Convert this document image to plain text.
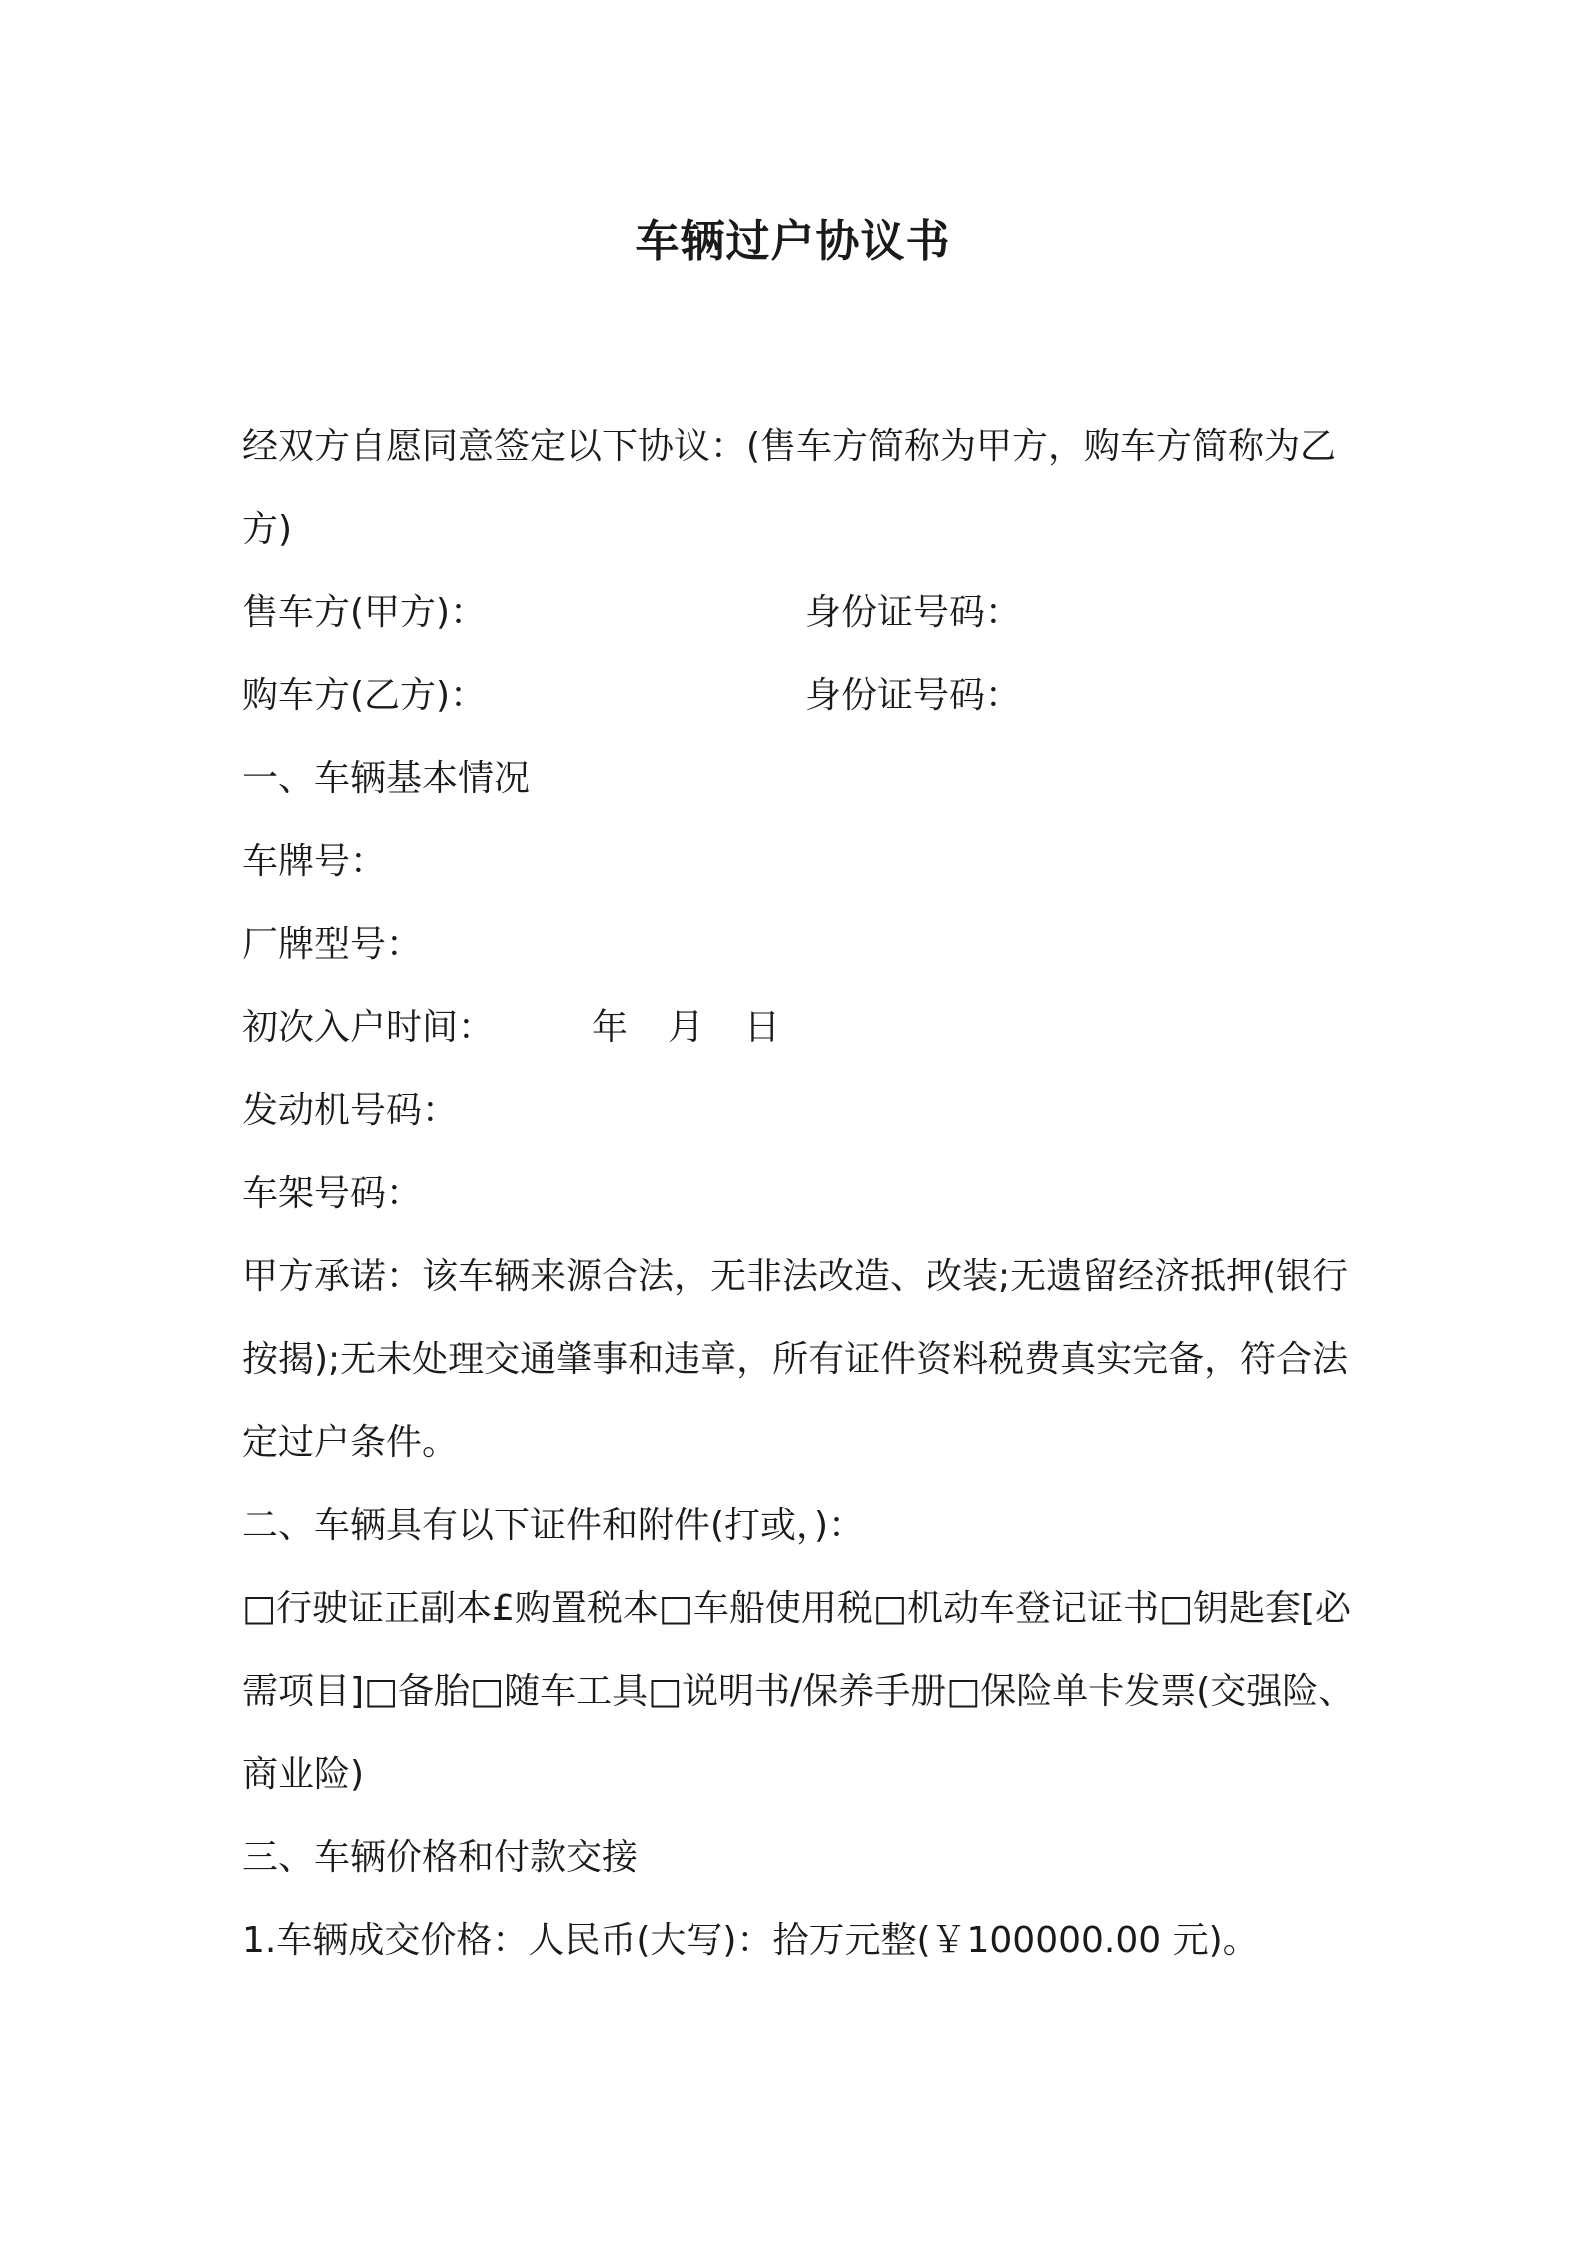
车辆过户协议书
经双方自愿同意签定以下协议：(售车方简称为甲方，购车方简称为乙方)
售车方(甲方)：	身份证号码：
购车方(乙方)：	身份证号码：
一、车辆基本情况
车牌号：
厂牌型号：
初次入户时间：	年 月 日
发动机号码：
车架号码：
甲方承诺：该车辆来源合法，无非法改造、改装;无遗留经济抵押(银行按揭);无未处理交通肇事和违章，所有证件资料税费真实完备，符合法定过户条件。
二、车辆具有以下证件和附件(打或，)：
□行驶证正副本£购置税本□车船使用税□机动车登记证书□钥匙套[必需项目]□备胎□随车工具□说明书/保养手册□保险单卡发票(交强险、商业险)
三、车辆价格和付款交接
1.车辆成交价格：人民币(大写)：拾万元整(￥100000.00 元)。
